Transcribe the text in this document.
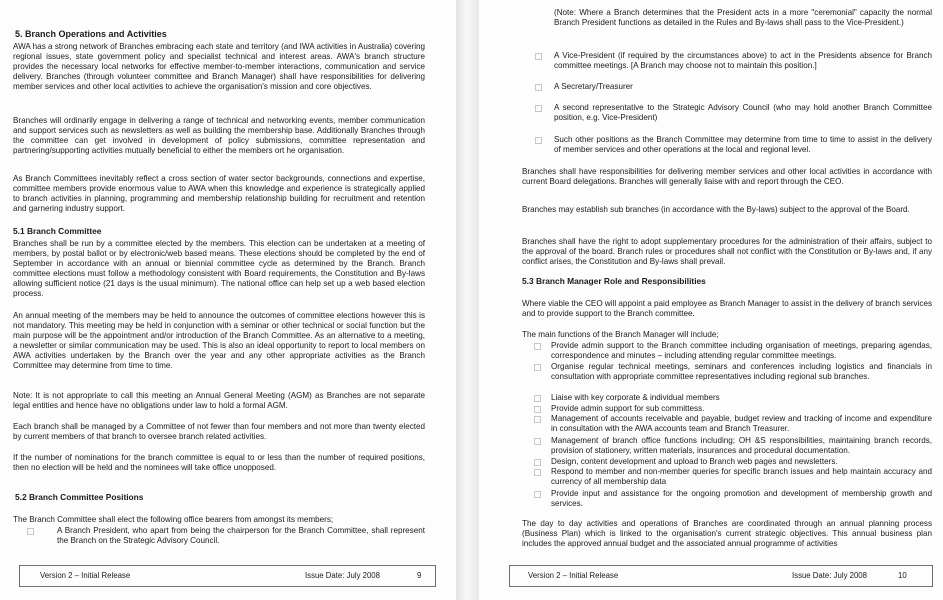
5. Branch Operations and Activities

AWA has a strong network of Branches embracing each state and territory (and IWA activities in Australia) covering regional issues, state government policy and specialist technical and interest areas. AWA's branch structure provides the necessary local networks for effective member-to-member interactions, communication and service delivery. Branches (through volunteer committee and Branch Manager) shall have responsibilities for delivering member services and other local activities to achieve the organisation's mission and core objectives.

Branches will ordinarily engage in delivering a range of technical and networking events, member communication and support services such as newsletters as well as building the membership base. Additionally Branches through the committee can get involved in development of policy submissions, committee representation and partnering/supporting activities mutually beneficial to either the members ort he organisation.

As Branch Committees inevitably reflect a cross section of water sector backgrounds, connections and expertise, committee members provide enormous value to AWA when this knowledge and experience is strategically applied to branch activities in planning, programming and membership relationship building for recruitment and retention and garnering industry support.

5.1 Branch Committee

Branches shall be run by a committee elected by the members. This election can be undertaken at a meeting of members, by postal ballot or by electronic/web based means. These elections should be completed by the end of September in accordance with an annual or biennial committee cycle as determined by the Branch. Branch committee elections must follow a methodology consistent with Board requirements, the Constitution and By-laws allowing sufficient notice (21 days is the usual minimum). The national office can help set up a web based election process.

An annual meeting of the members may be held to announce the outcomes of committee elections however this is not mandatory. This meeting may be held in conjunction with a seminar or other technical or social function but the main purpose will be the appointment and/or introduction of the Branch Committee. As an alternative to a meeting, a newsletter or similar communication may be used. This is also an ideal opportunity to report to local members on AWA activities undertaken by the Branch over the year and any other appropriate activities as the Branch Committee may determine from time to time.

Note: It is not appropriate to call this meeting an Annual General Meeting (AGM) as Branches are not separate legal entities and hence have no obligations under law to hold a formal AGM.

Each branch shall be managed by a Committee of not fewer than four members and not more than twenty elected by current members of that branch to oversee branch related activities.

If the number of nominations for the branch committee is equal to or less than the number of required positions, then no election will be held and the nominees will take office unopposed.

5.2 Branch Committee Positions

The Branch Committee shall elect the following office bearers from amongst its members;

A Branch President, who apart from being the chairperson for the Branch Committee, shall represent the Branch on the Strategic Advisory Council.
Version 2 – Initial Release	Issue Date: July 2008	9

(Note: Where a Branch determines that the President acts in a more "ceremonial" capacity the normal Branch President functions as detailed in the Rules and By-laws shall pass to the Vice-President.)

A Vice-President (if required by the circumstances above) to act in the Presidents absence for Branch committee meetings. [A Branch may choose not to maintain this position.]
A Secretary/Treasurer
A second representative to the Strategic Advisory Council (who may hold another Branch Committee position, e.g. Vice-President)
Such other positions as the Branch Committee may determine from time to time to assist in the delivery of member services and other operations at the local and regional level.

Branches shall have responsibilities for delivering member services and other local activities in accordance with current Board delegations. Branches will generally liaise with and report through the CEO.

Branches may establish sub branches (in accordance with the By-laws) subject to the approval of the Board.

Branches shall have the right to adopt supplementary procedures for the administration of their affairs, subject to the approval of the board. Branch rules or procedures shall not conflict with the Constitution or By-laws and, if any conflict arises, the Constitution and By-laws shall prevail.

5.3 Branch Manager Role and Responsibilities

Where viable the CEO will appoint a paid employee as Branch Manager to assist in the delivery of branch services and to provide support to the Branch committee.

The main functions of the Branch Manager will include;

Provide admin support to the Branch committee including organisation of meetings, preparing agendas, correspondence and minutes – including attending regular committee meetings.
Organise regular technical meetings, seminars and conferences including logistics and financials in consultation with appropriate committee representatives including regional sub branches.
Liaise with key corporate & individual members
Provide admin support for sub committess.
Management of accounts receivable and payable, budget review and tracking of income and expenditure in consultation with the AWA accounts team and Branch Treasurer.
Management of branch office functions including; OH &S responsibilities, maintaining branch records, provision of stationery, written materials, insurances and procedural documentation.
Design, content development and upload to Branch web pages and newsletters.
Respond to member and non-member queries for specific branch issues and help maintain accuracy and currency of all membership data
Provide input and assistance for the ongoing promotion and development of membership growth and services.

The day to day activities and operations of Branches are coordinated through an annual planning process (Business Plan) which is linked to the organisation's current strategic objectives. This annual business plan includes the approved annual budget and the associated annual programme of activities

Version 2 – Initial Release	Issue Date: July 2008	10
